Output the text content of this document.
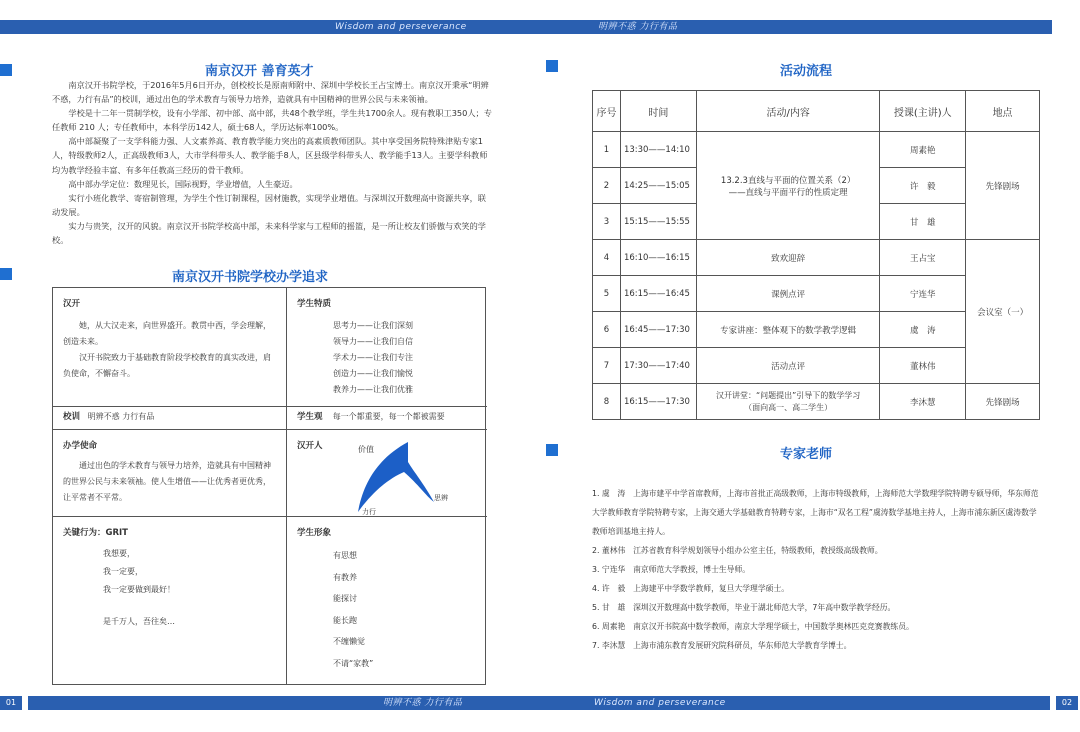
Wisdom and perseverance	明辨不惑 力行有品
01	明辨不惑 力行有品	Wisdom and perseverance	02
南京汉开 善育英才

南京汉开书院学校，于2016年5月6日开办，创校校长是原南师附中、深圳中学校长王占宝博士。南京汉开秉承“明辨不惑，力行有品”的校训，通过出色的学术教育与领导力培养，造就具有中国精神的世界公民与未来领袖。

学校是十二年一贯制学校，设有小学部、初中部、高中部，共48个教学班，学生共1700余人。现有教职工350人；专任教师 210 人；专任教师中，本科学历142人，硕士68人，学历达标率100%。

高中部凝聚了一支学科能力强、人文素养高、教育教学能力突出的高素质教师团队。其中享受国务院特殊津贴专家1人，特级教师2人，正高级教师3人，大市学科带头人、教学能手8人，区县级学科带头人、教学能手13人。主要学科教师均为教学经验丰富、有多年任教高三经历的骨干教师。

高中部办学定位：数理见长，国际视野，学业增值，人生豪迈。

实行小班化教学、寄宿制管理，为学生个性订制课程，因材施教，实现学业增值。与深圳汉开数理高中资源共享，联动发展。

实力与贵笑，汉开的风貌。南京汉开书院学校高中部，未来科学家与工程师的摇篮，是一所让校友们骄傲与欢笑的学校。

南京汉开书院学校办学追求
汉开
她，从大汉走来，向世界盛开。教贯中西，学会理解，创造未来。
汉开书院致力于基础教育阶段学校教育的真实改进，肩负使命，不懈奋斗。
学生特质
思考力——让我们深刻
领导力——让我们自信
学术力——让我们专注
创造力——让我们愉悦
教养力——让我们优雅
校训 明辨不惑 力行有品	学生观 每一个都重要，每一个都被需要
办学使命
通过出色的学术教育与领导力培养，造就具有中国精神的世界公民与未来领袖。使人生增值——让优秀者更优秀，让平常者不平常。
汉开人
关键行为：GRIT
我想要，
我一定要，
我一定要做到最好！
是千万人，吾往矣…
学生形象
有思想
有教养
能探讨
能长跑
不缠懒觉
不请“家教”
价值
思辨
力行
活动流程
序号	时间	活动/内容	授课(主讲)人	地点
1	13:30——14:10	13.2.3直线与平面的位置关系（2）
——直线与平面平行的性质定理	周素艳	先锋剧场
2	14:25——15:05		许　毅	
3	15:15——15:55		甘　雄	
4	16:10——16:15	致欢迎辞	王占宝	会议室（一）
5	16:15——16:45	课例点评	宁连华	
6	16:45——17:30	专家讲座：整体观下的数学教学逻辑	虞　涛	
7	17:30——17:40	活动点评	董林伟	
8	16:15——17:30	汉开讲堂：“问题提出”引导下的数学学习
（面向高一、高二学生）	李沐慧	先锋剧场
专家老师
1. 虞　涛　上海市建平中学首席教师，上海市首批正高级教师，上海市特级教师，上海师范大学数理学院特聘专硕导师，华东师范大学教师教育学院特聘专家，上海交通大学基础教育特聘专家，上海市“双名工程”虞涛数学基地主持人，上海市浦东新区虞涛数学教师培训基地主持人。
2. 董林伟　江苏省教育科学规划领导小组办公室主任，特级教师，教授级高级教师。
3. 宁连华　南京师范大学教授，博士生导师。
4. 许　毅　上海建平中学数学教师，复旦大学理学硕士。
5. 甘　雄　深圳汉开数理高中数学教师，毕业于湖北师范大学，7年高中数学教学经历。
6. 周素艳　南京汉开书院高中数学教师，南京大学理学硕士，中国数学奥林匹克竞赛教练员。
7. 李沐慧　上海市浦东教育发展研究院科研员，华东师范大学教育学博士。
